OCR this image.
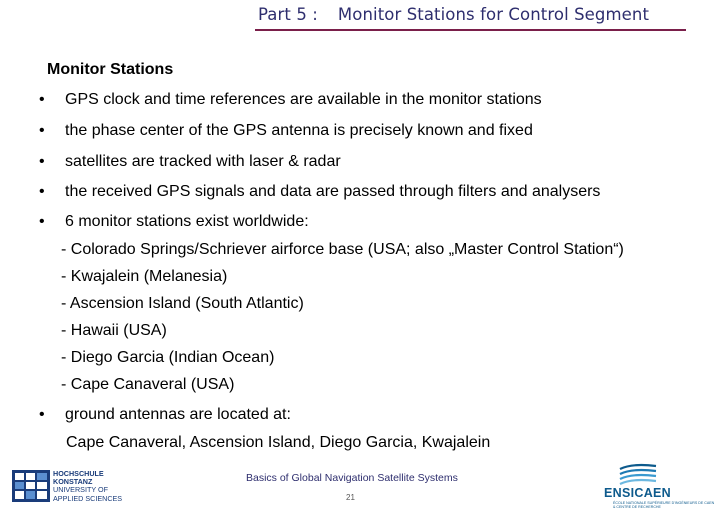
Part 5 : Monitor Stations for Control Segment
Monitor Stations
• GPS clock and time references are available in the monitor stations
• the phase center of the GPS antenna is precisely known and fixed
• satellites are tracked with laser & radar
• the received GPS signals and data are passed through filters and analysers
• 6 monitor stations exist worldwide:
- Colorado Springs/Schriever airforce base (USA; also „Master Control Station“)
- Kwajalein (Melanesia)
- Ascension Island (South Atlantic)
- Hawaii (USA)
- Diego Garcia (Indian Ocean)
- Cape Canaveral (USA)
• ground antennas are located at:
Cape Canaveral, Ascension Island, Diego Garcia, Kwajalein
HOCHSCHULE
KONSTANZ
UNIVERSITY OF
APPLIED SCIENCES
Basics of Global Navigation Satellite Systems
21	ENSICAEN
ÉCOLE NATIONALE SUPÉRIEURE D'INGÉNIEURS DE CAEN
& CENTRE DE RECHERCHE
